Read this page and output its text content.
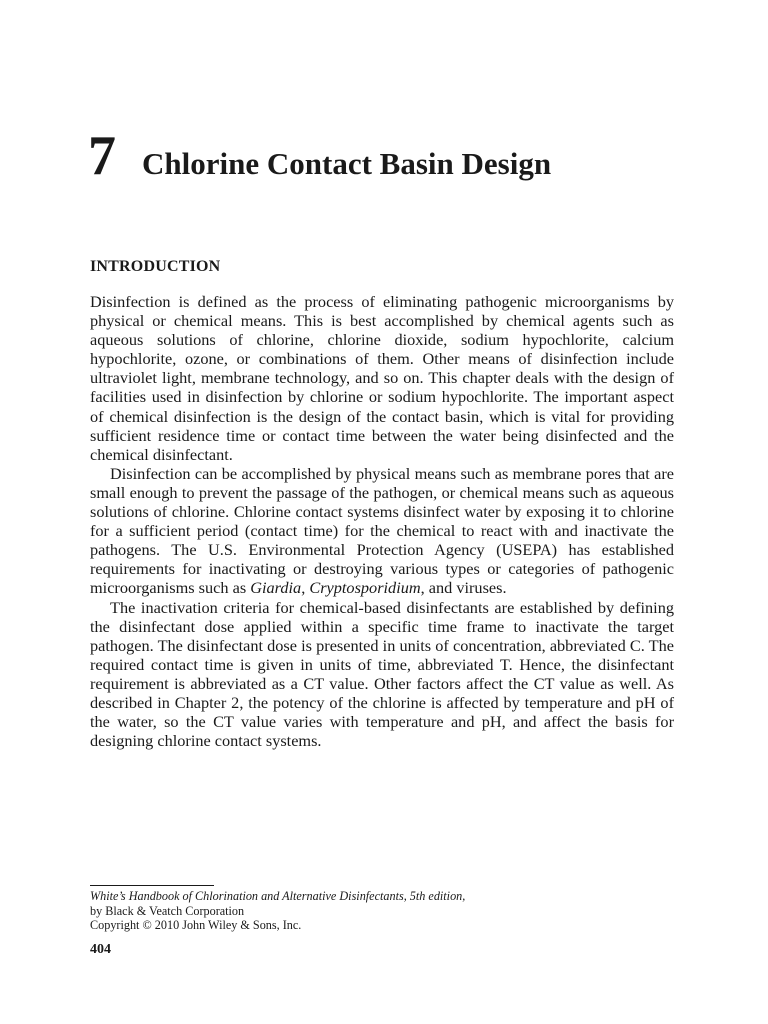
7 Chlorine Contact Basin Design
INTRODUCTION

Disinfection is defined as the process of eliminating pathogenic microorganisms by physical or chemical means. This is best accomplished by chemical agents such as aqueous solutions of chlorine, chlorine dioxide, sodium hypochlorite, calcium hypochlorite, ozone, or combinations of them. Other means of disinfection include ultraviolet light, membrane technology, and so on. This chapter deals with the design of facilities used in disinfection by chlorine or sodium hypochlorite. The important aspect of chemical disinfection is the design of the contact basin, which is vital for providing sufficient residence time or contact time between the water being disinfected and the chemical disinfectant.

Disinfection can be accomplished by physical means such as membrane pores that are small enough to prevent the passage of the pathogen, or chemical means such as aqueous solutions of chlorine. Chlorine contact systems disinfect water by exposing it to chlorine for a sufficient period (contact time) for the chemical to react with and inactivate the pathogens. The U.S. Environmental Protection Agency (USEPA) has established requirements for inactivating or destroying various types or categories of pathogenic microorganisms such as Giardia, Cryptosporidium, and viruses.

The inactivation criteria for chemical-based disinfectants are established by defining the disinfectant dose applied within a specific time frame to inactivate the target pathogen. The disinfectant dose is presented in units of concentration, abbreviated C. The required contact time is given in units of time, abbreviated T. Hence, the disinfectant requirement is abbreviated as a CT value. Other factors affect the CT value as well. As described in Chapter 2, the potency of the chlorine is affected by temperature and pH of the water, so the CT value varies with temperature and pH, and affect the basis for designing chlorine contact systems.

White’s Handbook of Chlorination and Alternative Disinfectants, 5th edition,
by Black & Veatch Corporation
Copyright © 2010 John Wiley & Sons, Inc.
404
